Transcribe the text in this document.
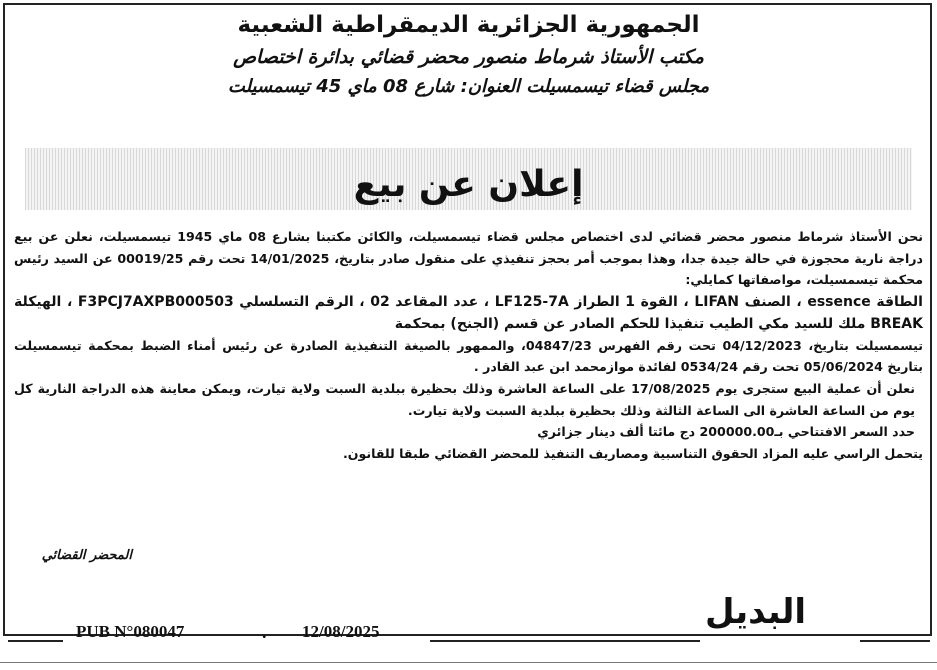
الجمهورية الجزائرية الديمقراطية الشعبية
مكتب الأستاذ شرماط منصور محضر قضائي بدائرة اختصاص
مجلس قضاء تيسمسيلت العنوان: شارع 08 ماي 45 تيسمسيلت
إعلان عن بيع

نحن الأستاذ شرماط منصور محضر قضائي لدى اختصاص مجلس قضاء تيسمسيلت، والكائن مكتبنا بشارع 08 ماي 1945 تيسمسيلت، نعلن عن بيع دراجة نارية محجوزة في حالة جيدة جدا، وهذا بموجب أمر بحجز تنفيذي على منقول صادر بتاريخ، 14/01/2025 تحت رقم 00019/25 عن السيد رئيس محكمة تيسمسيلت، مواصفاتها كمايلي:

الطاقة essence ، الصنف LIFAN ، القوة 1 الطراز LF125-7A ، عدد المقاعد 02 ، الرقم التسلسلي F3PCJ7AXPB000503 ، الهيكلة BREAK ملك للسيد مكي الطيب تنفيذا للحكم الصادر عن قسم (الجنح) بمحكمة

تيسمسيلت بتاريخ، 04/12/2023 تحت رقم الفهرس 04847/23، والممهور بالصيغة التنفيذية الصادرة عن رئيس أمناء الضبط بمحكمة تيسمسيلت بتاريخ 05/06/2024 تحت رقم 0534/24 لفائدة موازمحمد ابن عبد القادر .

نعلن أن عملية البيع ستجرى يوم 17/08/2025 على الساعة العاشرة وذلك بحظيرة ببلدية السبت ولاية تيارت، ويمكن معاينة هذه الدراجة النارية كل يوم من الساعة العاشرة الى الساعة الثالثة وذلك بحظيرة ببلدية السبت ولاية تيارت.

حدد السعر الافتتاحي بـ200000.00 دج مائتا ألف دينار جزائري

يتحمل الراسي عليه المزاد الحقوق التناسبية ومصاريف التنفيذ للمحضر القضائي طبقا للقانون.

المحضر القضائي
PUB N°080047	. 12/08/2025	البديل
